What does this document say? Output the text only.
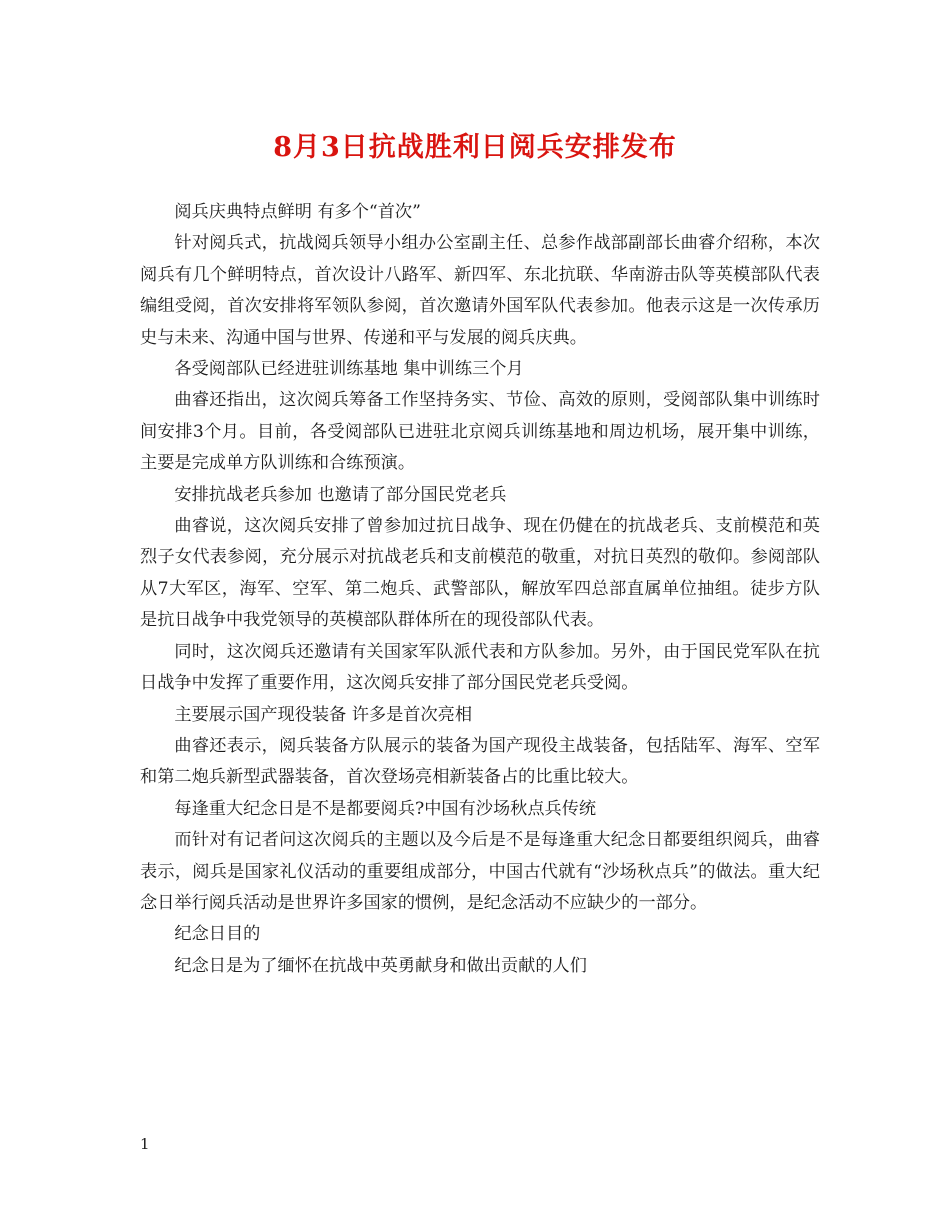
8月3日抗战胜利日阅兵安排发布

阅兵庆典特点鲜明 有多个“首次”

针对阅兵式，抗战阅兵领导小组办公室副主任、总参作战部副部长曲睿介绍称，本次阅兵有几个鲜明特点，首次设计八路军、新四军、东北抗联、华南游击队等英模部队代表编组受阅，首次安排将军领队参阅，首次邀请外国军队代表参加。他表示这是一次传承历史与未来、沟通中国与世界、传递和平与发展的阅兵庆典。

各受阅部队已经进驻训练基地 集中训练三个月

曲睿还指出，这次阅兵筹备工作坚持务实、节俭、高效的原则，受阅部队集中训练时间安排3个月。目前，各受阅部队已进驻北京阅兵训练基地和周边机场，展开集中训练，主要是完成单方队训练和合练预演。

安排抗战老兵参加 也邀请了部分国民党老兵

曲睿说，这次阅兵安排了曾参加过抗日战争、现在仍健在的抗战老兵、支前模范和英烈子女代表参阅，充分展示对抗战老兵和支前模范的敬重，对抗日英烈的敬仰。参阅部队从7大军区，海军、空军、第二炮兵、武警部队，解放军四总部直属单位抽组。徒步方队是抗日战争中我党领导的英模部队群体所在的现役部队代表。

同时，这次阅兵还邀请有关国家军队派代表和方队参加。另外，由于国民党军队在抗日战争中发挥了重要作用，这次阅兵安排了部分国民党老兵受阅。

主要展示国产现役装备 许多是首次亮相

曲睿还表示，阅兵装备方队展示的装备为国产现役主战装备，包括陆军、海军、空军和第二炮兵新型武器装备，首次登场亮相新装备占的比重比较大。

每逢重大纪念日是不是都要阅兵?中国有沙场秋点兵传统

而针对有记者问这次阅兵的主题以及今后是不是每逢重大纪念日都要组织阅兵，曲睿表示，阅兵是国家礼仪活动的重要组成部分，中国古代就有“沙场秋点兵”的做法。重大纪念日举行阅兵活动是世界许多国家的惯例，是纪念活动不应缺少的一部分。

纪念日目的

纪念日是为了缅怀在抗战中英勇献身和做出贡献的人们

1
